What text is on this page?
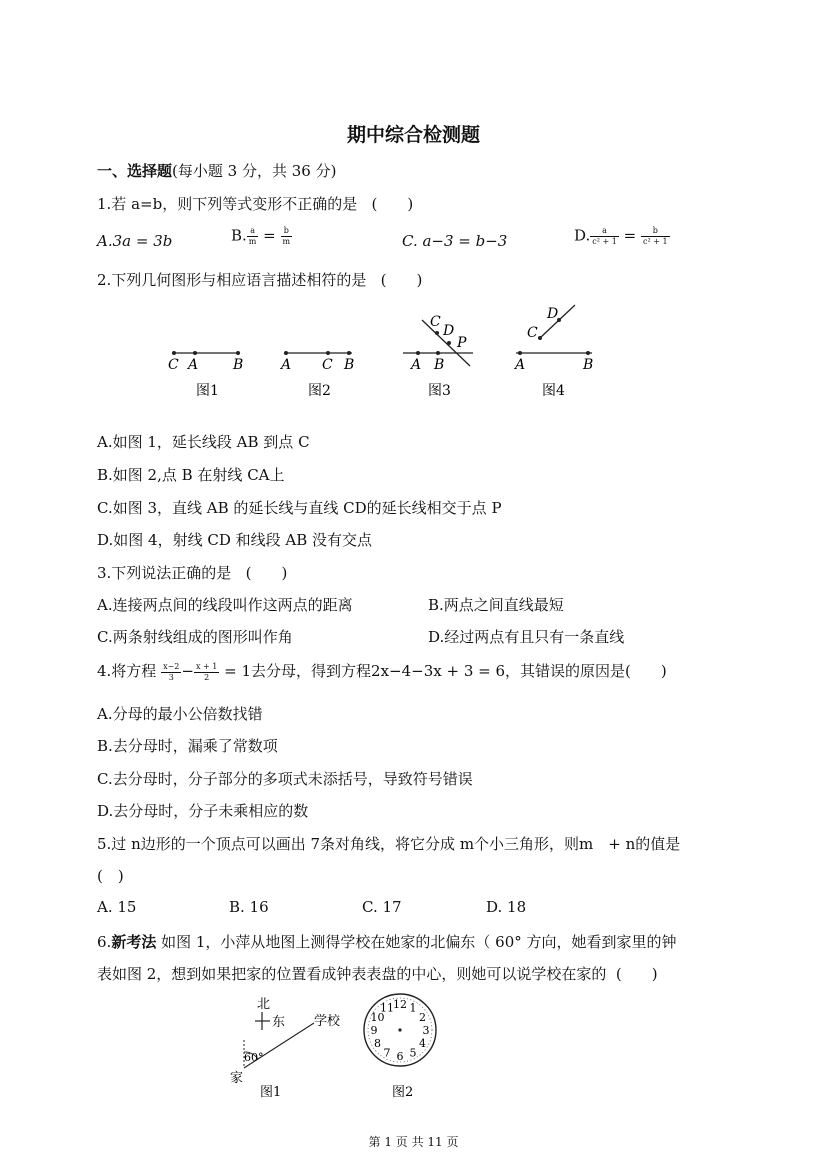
期中综合检测题
一、选择题(每小题 3 分，共 36 分)
1.若 a=b，则下列等式变形不正确的是 (　　)
A.3a = 3b	B. $\frac{a}{m} = \frac{b}{m}$	C. a−3 = b−3	D. $\frac{a}{\text{c² + 1}} = \frac{b}{\text{c² + 1}}$
2.下列几何图形与相应语言描述相符的是 (　　)
C A B
图1
A C B
图2
C
D
P
A B
图3
D
C
A	B
图4
A.如图 1，延长线段 AB 到点 C
B.如图 2,点 B 在射线 CA上
C.如图 3，直线 AB 的延长线与直线 CD的延长线相交于点 P
D.如图 4，射线 CD 和线段 AB 没有交点
3.下列说法正确的是 (　　)
A.连接两点间的线段叫作这两点的距离	B.两点之间直线最短
C.两条射线组成的图形叫作角	D.经过两点有且只有一条直线
4.将方程 $\frac{x-2}{3} - \frac{x + 1}{2} = 1$去分母，得到方程2x−4−3x + 3 = 6，其错误的原因是(　　)
A.分母的最小公倍数找错
B.去分母时，漏乘了常数项
C.去分母时，分子部分的多项式未添括号，导致符号错误
D.去分母时，分子未乘相应的数
5.过 n边形的一个顶点可以画出 7条对角线，将它分成 m个小三角形，则m　+ n的值是
(　)
A. 15	B. 16	C. 17	D. 18
6.新考法 如图 1，小萍从地图上测得学校在她家的北偏东（ 60° 方向，她看到家里的钟
表如图 2，想到如果把家的位置看成钟表表盘的中心，则她可以说学校在家的 (　　)
北
东 学校
60°
家
图1
12 1
2
3
4
5
6
7
8
9
10
11
图2
第 1 页 共 11 页
